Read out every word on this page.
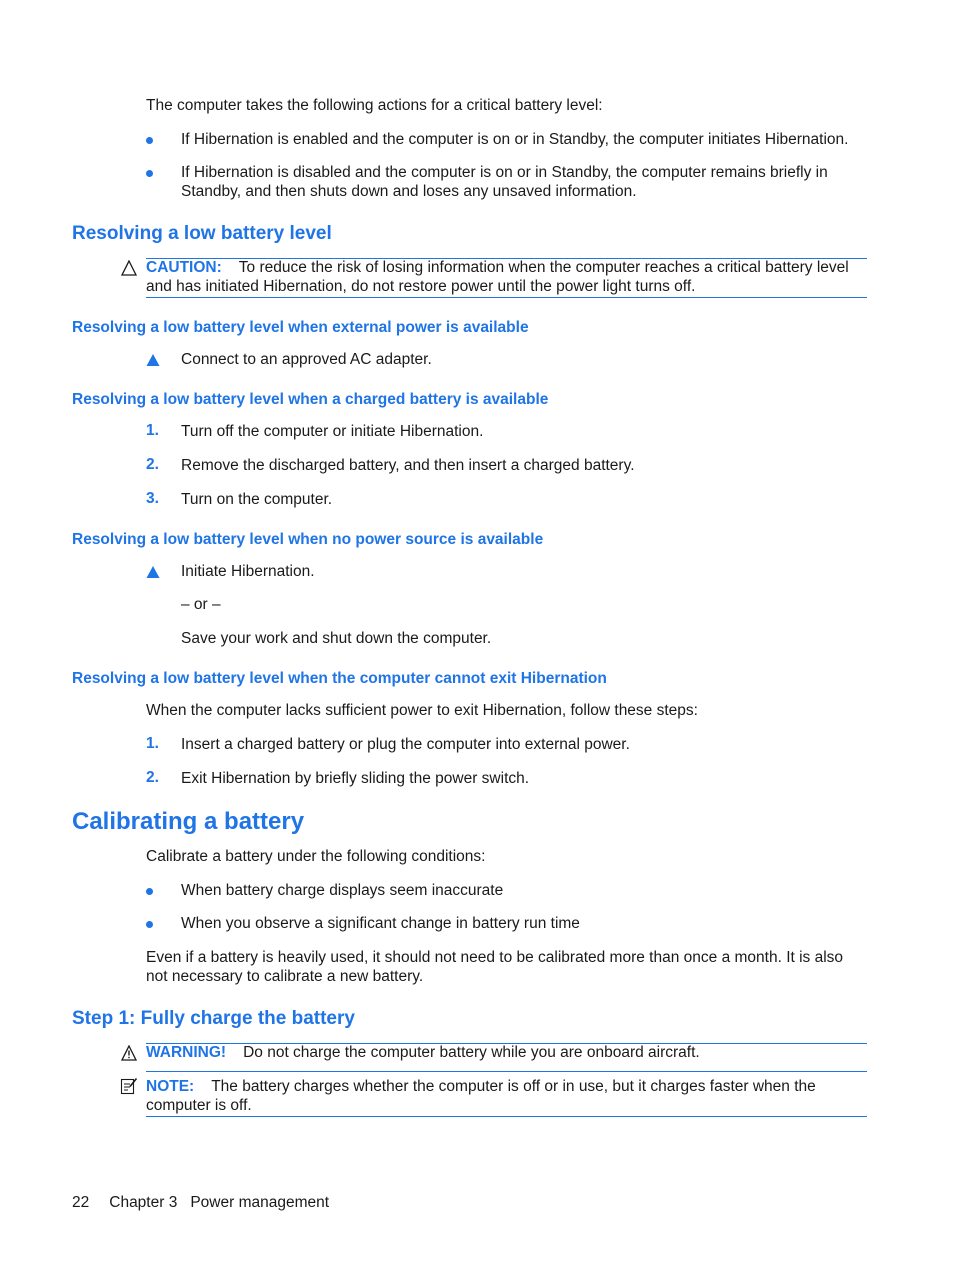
The computer takes the following actions for a critical battery level:
If Hibernation is enabled and the computer is on or in Standby, the computer initiates Hibernation.
If Hibernation is disabled and the computer is on or in Standby, the computer remains briefly in
Standby, and then shuts down and loses any unsaved information.
Resolving a low battery level
CAUTION: To reduce the risk of losing information when the computer reaches a critical battery level
and has initiated Hibernation, do not restore power until the power light turns off.
Resolving a low battery level when external power is available
Connect to an approved AC adapter.
Resolving a low battery level when a charged battery is available
1. Turn off the computer or initiate Hibernation.
2. Remove the discharged battery, and then insert a charged battery.
3. Turn on the computer.
Resolving a low battery level when no power source is available
Initiate Hibernation.
– or –
Save your work and shut down the computer.
Resolving a low battery level when the computer cannot exit Hibernation
When the computer lacks sufficient power to exit Hibernation, follow these steps:
1. Insert a charged battery or plug the computer into external power.
2. Exit Hibernation by briefly sliding the power switch.
Calibrating a battery
Calibrate a battery under the following conditions:
When battery charge displays seem inaccurate
When you observe a significant change in battery run time
Even if a battery is heavily used, it should not need to be calibrated more than once a month. It is also
not necessary to calibrate a new battery.
Step 1: Fully charge the battery
WARNING! Do not charge the computer battery while you are onboard aircraft.
NOTE: The battery charges whether the computer is off or in use, but it charges faster when the
computer is off.
22 Chapter 3 Power management
